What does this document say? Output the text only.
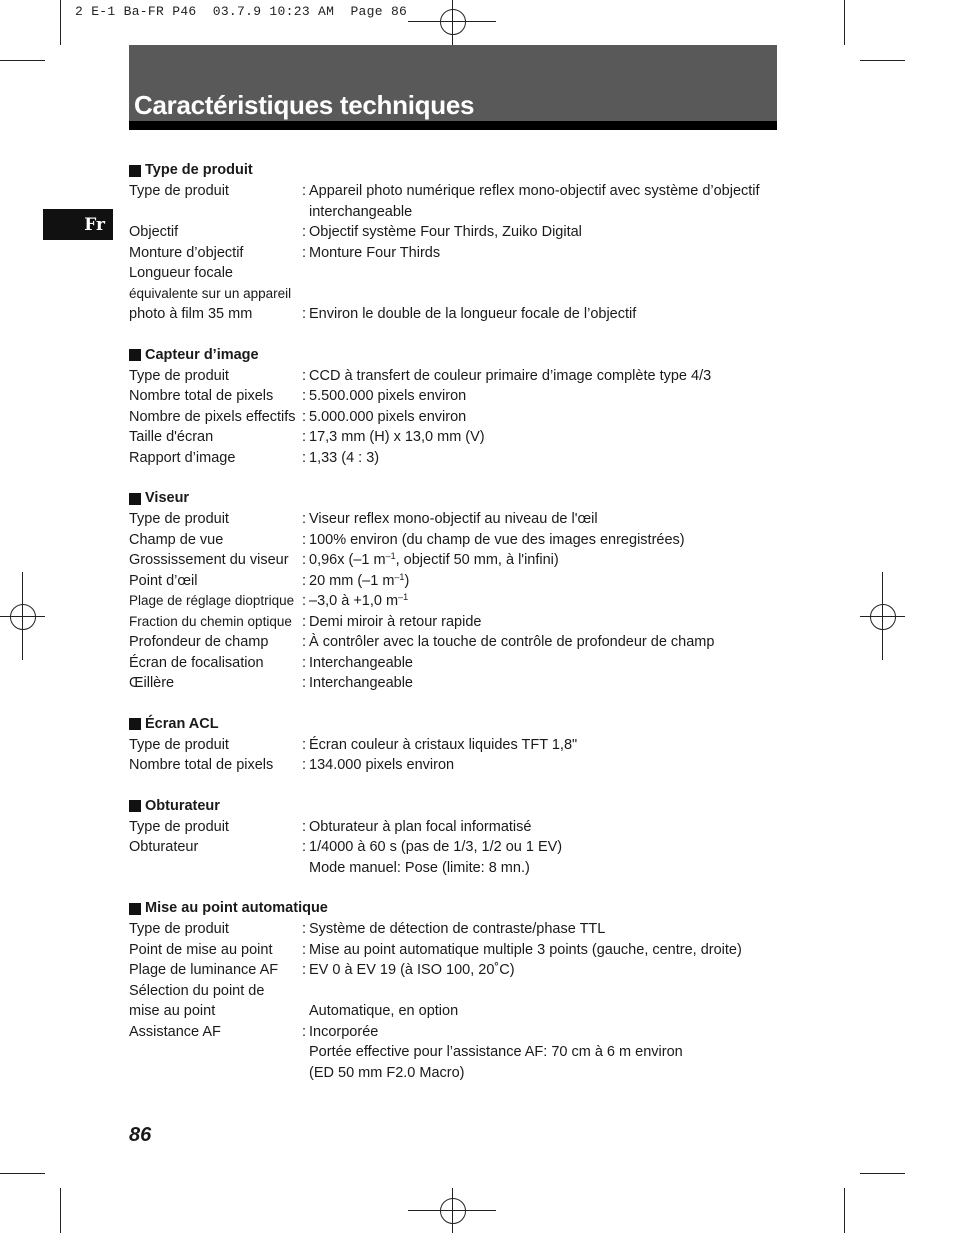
2 E-1 Ba-FR P46  03.7.9 10:23 AM  Page 86
Caractéristiques techniques
Fr
Type de produit
Type de produit	: Appareil photo numérique reflex mono-objectif avec système d’objectif
interchangeable
Objectif	: Objectif système Four Thirds, Zuiko Digital
Monture d’objectif	: Monture Four Thirds
Longueur focale

équivalente sur un appareil

photo à film 35 mm	: Environ le double de la longueur focale de l’objectif
Capteur d’image
Type de produit	: CCD à transfert de couleur primaire d’image complète type 4/3
Nombre total de pixels	: 5.500.000 pixels environ
Nombre de pixels effectifs : 5.000.000 pixels environ
Taille d'écran	: 17,3 mm (H) x 13,0 mm (V)
Rapport d’image	: 1,33 (4 : 3)
Viseur
Type de produit	: Viseur reflex mono-objectif au niveau de l'œil
Champ de vue	: 100% environ (du champ de vue des images enregistrées)
Grossissement du viseur : 0,96x (–1 $m^{-1}$, objectif 50 mm, à l'infini)
Point d’œil	: 20 mm (–1 $m^{-1}$)
Plage de réglage dioptrique : –3,0 à +1,0 $m^{-1}$
Fraction du chemin optique : Demi miroir à retour rapide
Profondeur de champ	: À contrôler avec la touche de contrôle de profondeur de champ
Écran de focalisation	: Interchangeable
Œillère	: Interchangeable
Écran ACL
Type de produit	: Écran couleur à cristaux liquides TFT 1,8"
Nombre total de pixels	: 134.000 pixels environ
Obturateur
Type de produit	: Obturateur à plan focal informatisé
Obturateur	: 1/4000 à 60 s (pas de 1/3, 1/2 ou 1 EV)
Mode manuel: Pose (limite: 8 mn.)
Mise au point automatique
Type de produit	: Système de détection de contraste/phase TTL
Point de mise au point	: Mise au point automatique multiple 3 points (gauche, centre, droite)
Plage de luminance AF	: EV 0 à EV 19 (à ISO 100, 20˚C)
Sélection du point de

mise au point	Automatique, en option
Assistance AF	: Incorporée
Portée effective pour l’assistance AF: 70 cm à 6 m environ
(ED 50 mm F2.0 Macro)
86
